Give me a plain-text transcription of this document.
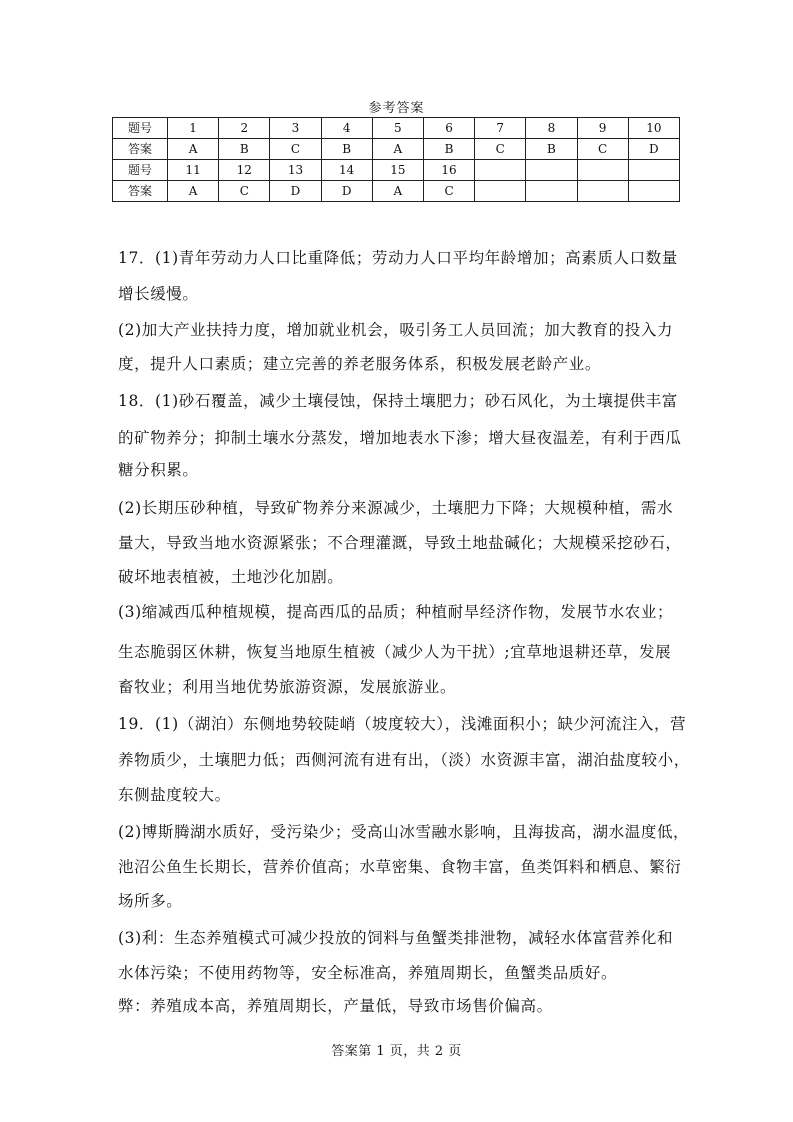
参考答案
题号	1	2	3	4	5	6	7	8	9	10
答案	A	B	C	B	A	B	C	B	C	D
题号	11	12	13	14	15	16				
答案	A	C	D	D	A	C				
17．(1)青年劳动力人口比重降低；劳动力人口平均年龄增加；高素质人口数量
增长缓慢。
(2)加大产业扶持力度，增加就业机会，吸引务工人员回流；加大教育的投入力
度，提升人口素质；建立完善的养老服务体系，积极发展老龄产业。
18．(1)砂石覆盖，减少土壤侵蚀，保持土壤肥力；砂石风化，为土壤提供丰富
的矿物养分；抑制土壤水分蒸发，增加地表水下渗；增大昼夜温差，有利于西瓜
糖分积累。
(2)长期压砂种植，导致矿物养分来源减少，土壤肥力下降；大规模种植，需水
量大，导致当地水资源紧张；不合理灌溉，导致土地盐碱化；大规模采挖砂石，
破坏地表植被，土地沙化加剧。
(3)缩减西瓜种植规模，提高西瓜的品质；种植耐旱经济作物，发展节水农业；
生态脆弱区休耕，恢复当地原生植被（减少人为干扰）;宜草地退耕还草，发展
畜牧业；利用当地优势旅游资源，发展旅游业。
19．(1)（湖泊）东侧地势较陡峭（坡度较大），浅滩面积小；缺少河流注入，营
养物质少，土壤肥力低；西侧河流有进有出，（淡）水资源丰富，湖泊盐度较小，
东侧盐度较大。
(2)博斯腾湖水质好，受污染少；受高山冰雪融水影响，且海拔高，湖水温度低，
池沼公鱼生长期长，营养价值高；水草密集、食物丰富，鱼类饵料和栖息、繁衍
场所多。
(3)利：生态养殖模式可减少投放的饲料与鱼蟹类排泄物，减轻水体富营养化和
水体污染；不使用药物等，安全标准高，养殖周期长，鱼蟹类品质好。
弊：养殖成本高，养殖周期长，产量低，导致市场售价偏高。
答案第 1 页，共 2 页
